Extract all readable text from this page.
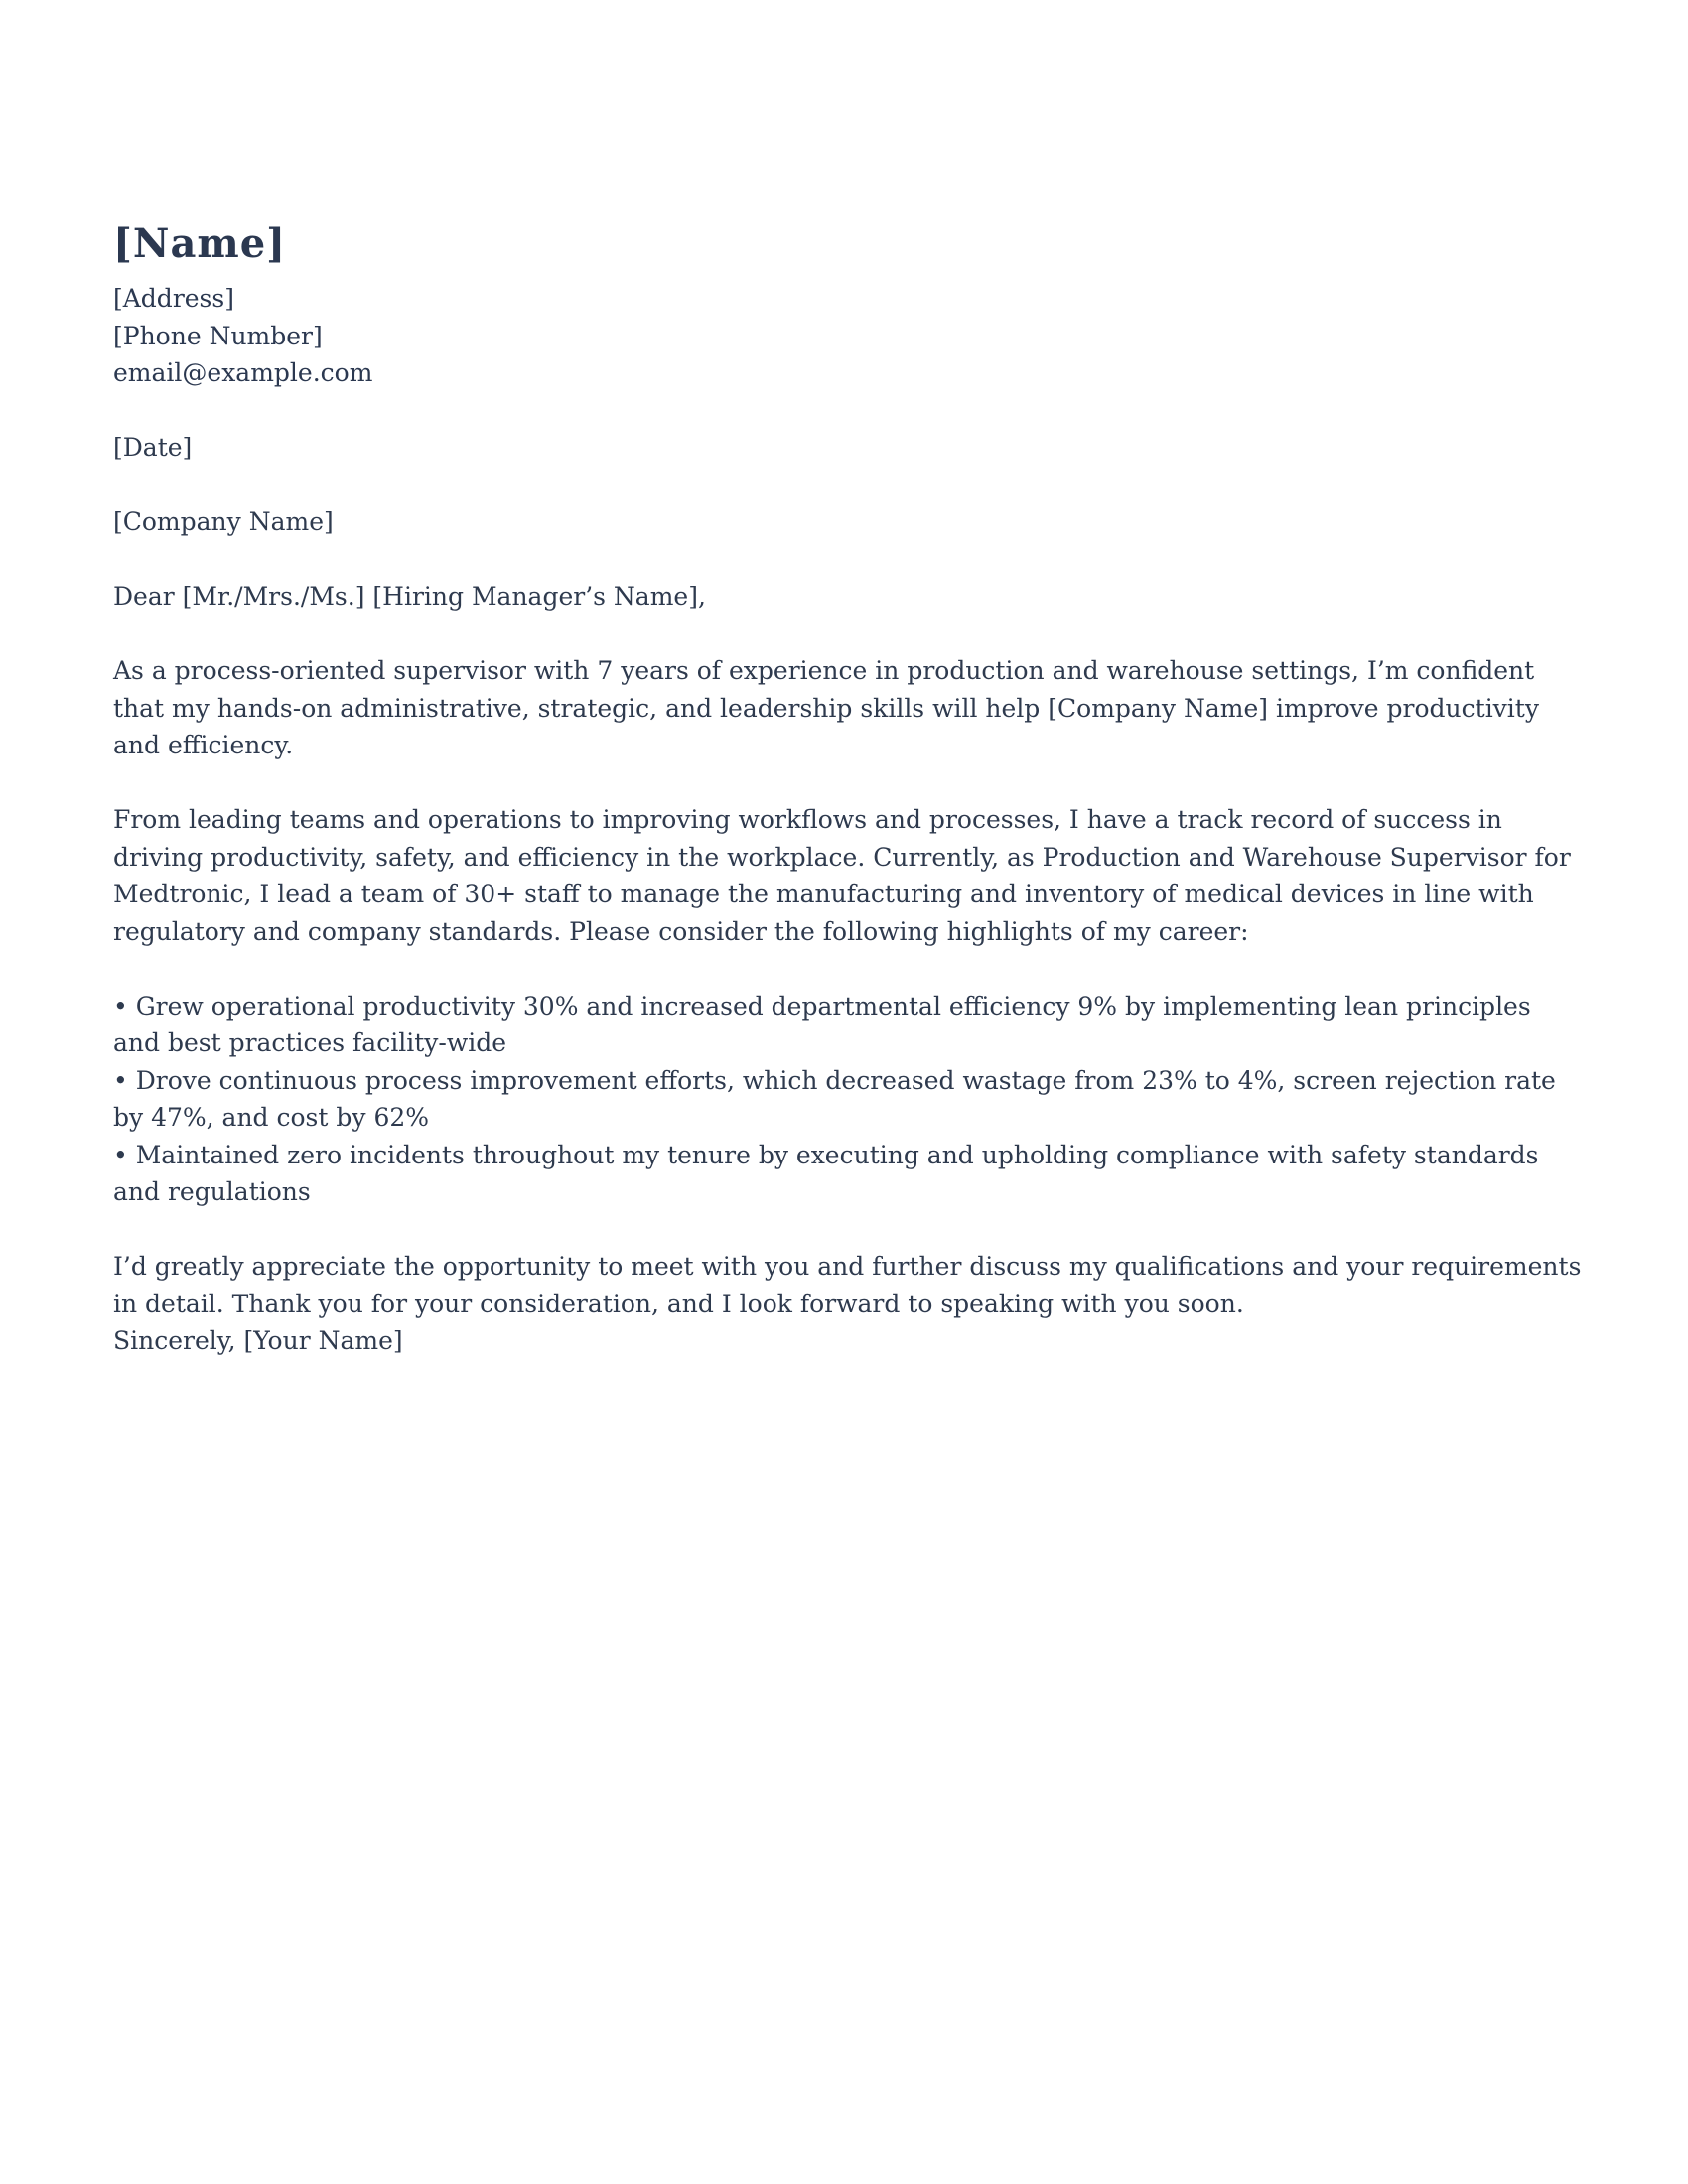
[Name]

[Address]

[Phone Number]

email@example.com

[Date]

[Company Name]

Dear [Mr./Mrs./Ms.] [Hiring Manager’s Name],

As a process-oriented supervisor with 7 years of experience in production and warehouse settings, I’m confident that my hands-on administrative, strategic, and leadership skills will help [Company Name] improve productivity and efficiency.

From leading teams and operations to improving workflows and processes, I have a track record of success in driving productivity, safety, and efficiency in the workplace. Currently, as Production and Warehouse Supervisor for Medtronic, I lead a team of 30+ staff to manage the manufacturing and inventory of medical devices in line with regulatory and company standards. Please consider the following highlights of my career:

• Grew operational productivity 30% and increased departmental efficiency 9% by implementing lean principles and best practices facility-wide

• Drove continuous process improvement efforts, which decreased wastage from 23% to 4%, screen rejection rate by 47%, and cost by 62%

• Maintained zero incidents throughout my tenure by executing and upholding compliance with safety standards and regulations

I’d greatly appreciate the opportunity to meet with you and further discuss my qualifications and your requirements in detail. Thank you for your consideration, and I look forward to speaking with you soon.

Sincerely, [Your Name]
